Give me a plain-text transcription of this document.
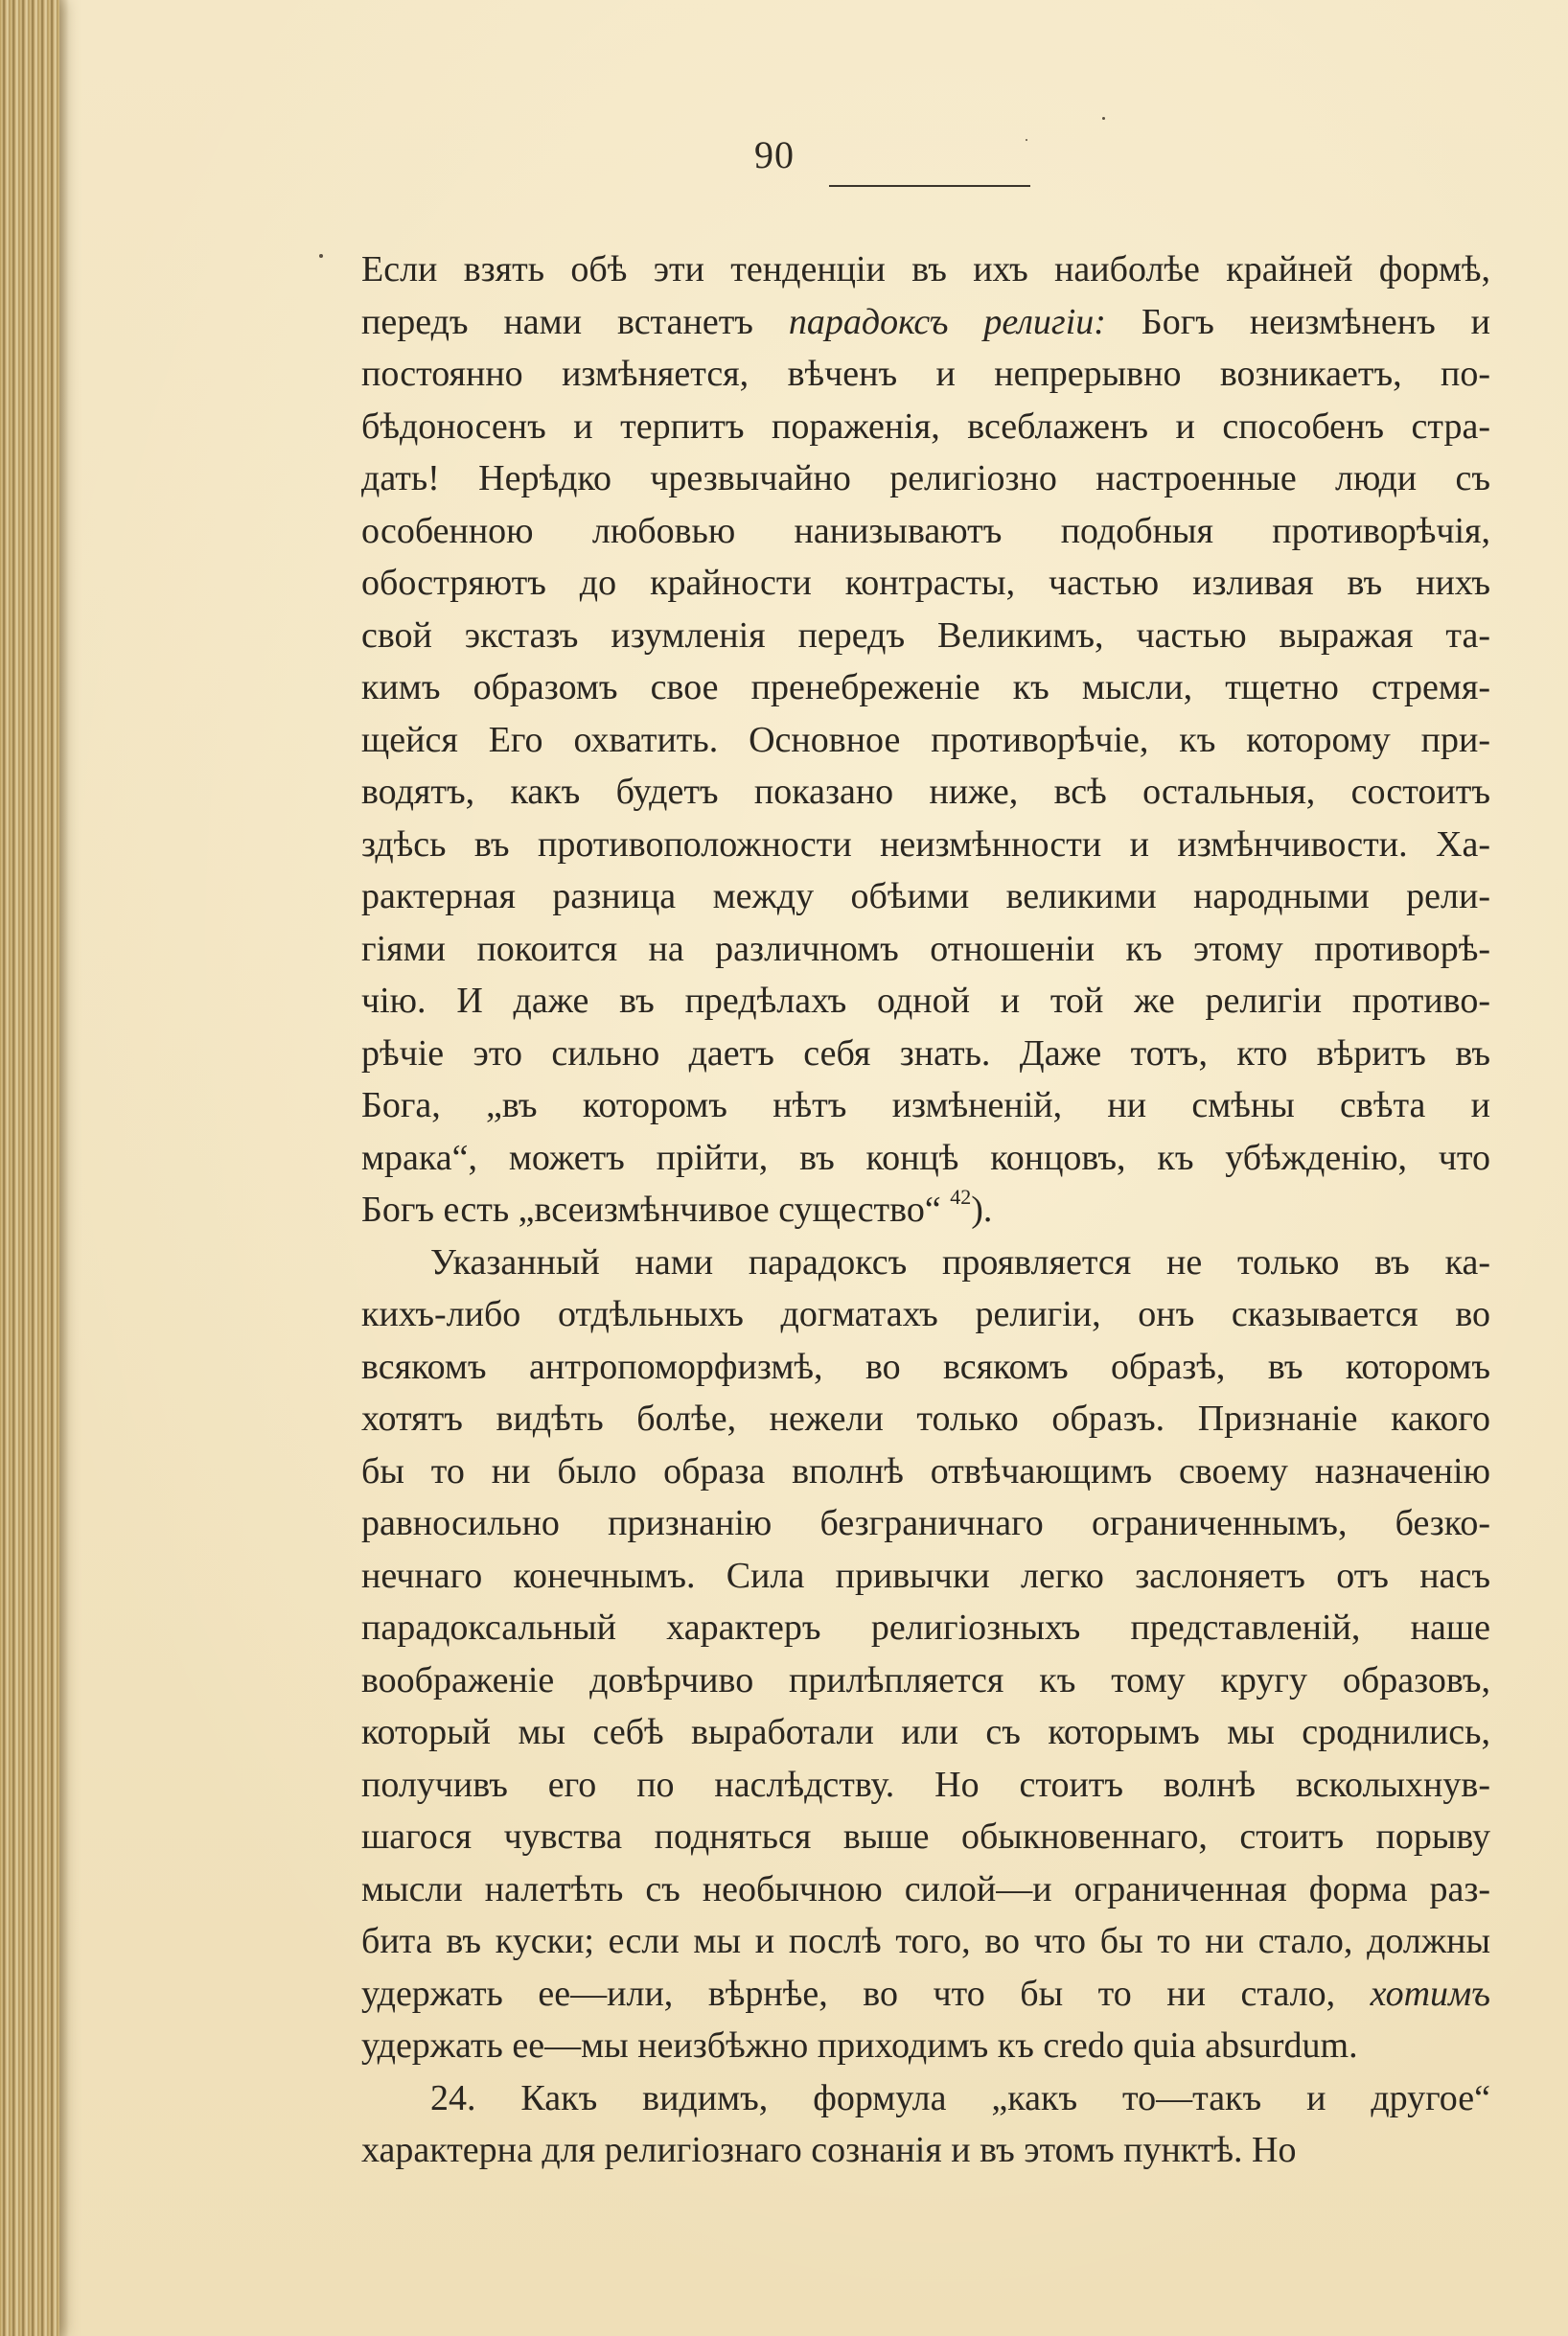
90
Если взять обѣ эти тенденціи въ ихъ наиболѣе крайней формѣ,
передъ нами встанетъ парадоксъ религіи: Богъ неизмѣненъ и
постоянно измѣняется, вѣченъ и непрерывно возникаетъ, по-
бѣдоносенъ и терпитъ пораженія, всеблаженъ и способенъ стра-
дать! Нерѣдко чрезвычайно религіозно настроенные люди съ
особенною любовью нанизываютъ подобныя противорѣчія,
обостряютъ до крайности контрасты, частью изливая въ нихъ
свой экстазъ изумленія передъ Великимъ, частью выражая та-
кимъ образомъ свое пренебреженіе къ мысли, тщетно стремя-
щейся Его охватить. Основное противорѣчіе, къ которому при-
водятъ, какъ будетъ показано ниже, всѣ остальныя, состоитъ
здѣсь въ противоположности неизмѣнности и измѣнчивости. Ха-
рактерная разница между обѣими великими народными рели-
гіями покоится на различномъ отношеніи къ этому противорѣ-
чію. И даже въ предѣлахъ одной и той же религіи противо-
рѣчіе это сильно даетъ себя знать. Даже тотъ, кто вѣритъ въ
Бога, „въ которомъ нѣтъ измѣненій, ни смѣны свѣта и
мрака“, можетъ прійти, въ концѣ концовъ, къ убѣжденію, что
Богъ есть „всеизмѣнчивое существо“ $^{42}$).
Указанный нами парадоксъ проявляется не только въ ка-
кихъ-либо отдѣльныхъ догматахъ религіи, онъ сказывается во
всякомъ антропоморфизмѣ, во всякомъ образѣ, въ которомъ
хотятъ видѣть болѣе, нежели только образъ. Признаніе какого
бы то ни было образа вполнѣ отвѣчающимъ своему назначенію
равносильно признанію безграничнаго ограниченнымъ, безко-
нечнаго конечнымъ. Сила привычки легко заслоняетъ отъ насъ
парадоксальный характеръ религіозныхъ представленій, наше
воображеніе довѣрчиво прилѣпляется къ тому кругу образовъ,
который мы себѣ выработали или съ которымъ мы сроднились,
получивъ его по наслѣдству. Но стоитъ волнѣ всколыхнув-
шагося чувства подняться выше обыкновеннаго, стоитъ порыву
мысли налетѣть съ необычною силой—и ограниченная форма раз-
бита въ куски; если мы и послѣ того, во что бы то ни стало, должны
удержать ее—или, вѣрнѣе, во что бы то ни стало, хотимъ
удержать ее—мы неизбѣжно приходимъ къ credo quia absurdum.
24. Какъ видимъ, формула „какъ то—такъ и другое“
характерна для религіознаго сознанія и въ этомъ пунктѣ. Но
